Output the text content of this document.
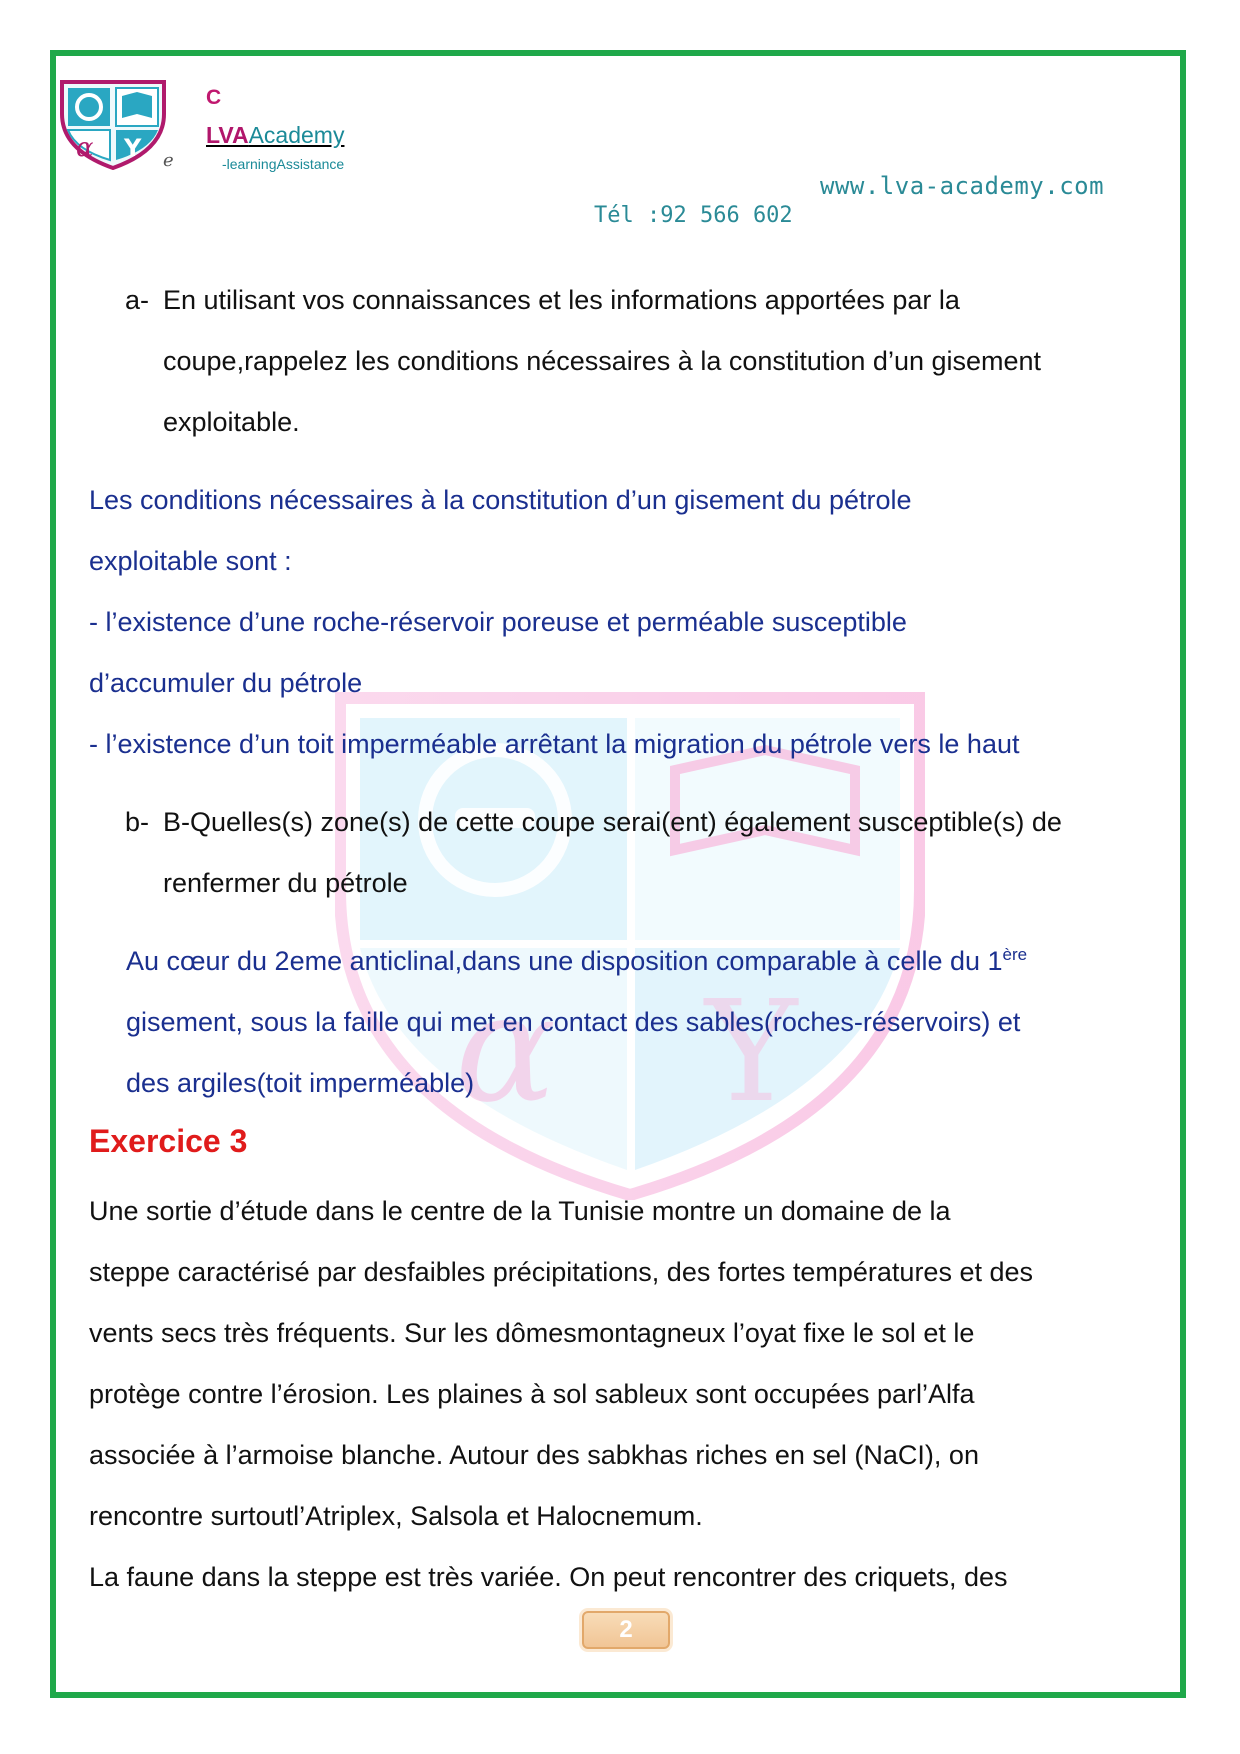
α Y
α Y e
C
LVAAcademy
-learningAssistance
www.lva-academy.com
Tél :92 566 602
a- En utilisant vos connaissances et les informations apportées par la
coupe,rappelez les conditions nécessaires à la constitution d’un gisement
exploitable.
Les conditions nécessaires à la constitution d’un gisement du pétrole
exploitable sont :
- l’existence d’une roche-réservoir poreuse et perméable susceptible
d’accumuler du pétrole
- l’existence d’un toit imperméable arrêtant la migration du pétrole vers le haut
b- B-Quelles(s) zone(s) de cette coupe serai(ent) également susceptible(s) de
renfermer du pétrole
Au cœur du 2eme anticlinal,dans une disposition comparable à celle du 1ère
gisement, sous la faille qui met en contact des sables(roches-réservoirs) et
des argiles(toit imperméable)
Exercice 3
Une sortie d’étude dans le centre de la Tunisie montre un domaine de la
steppe caractérisé par desfaibles précipitations, des fortes températures et des
vents secs très fréquents. Sur les dômesmontagneux l’oyat fixe le sol et le
protège contre l’érosion. Les plaines à sol sableux sont occupées parl’Alfa
associée à l’armoise blanche. Autour des sabkhas riches en sel (NaCI), on
rencontre surtoutl’Atriplex, Salsola et Halocnemum.
La faune dans la steppe est très variée. On peut rencontrer des criquets, des
2
